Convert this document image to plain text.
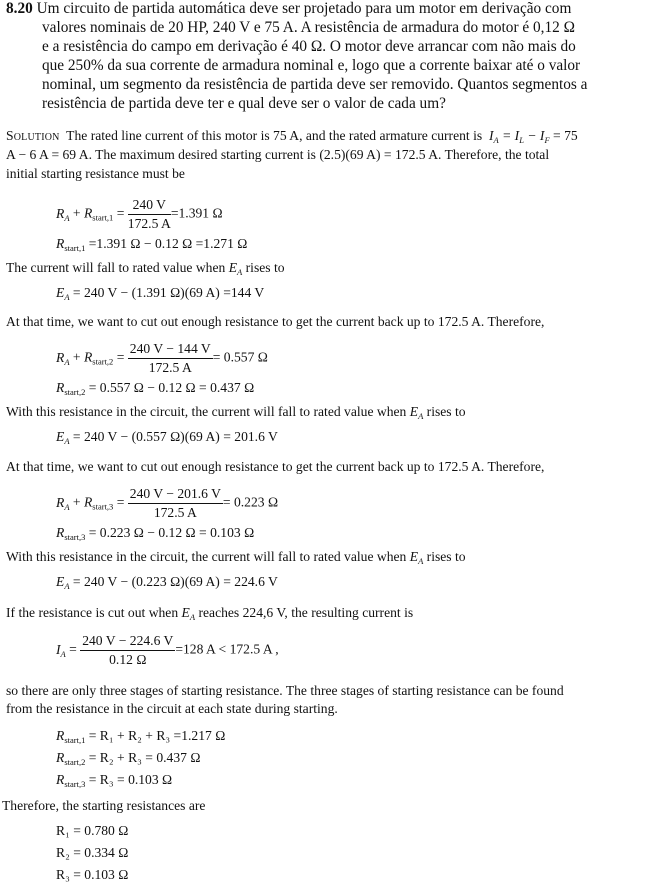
8.20 Um circuito de partida automática deve ser projetado para um motor em derivação com
valores nominais de 20 HP, 240 V e 75 A. A resistência de armadura do motor é 0,12 Ω
e a resistência do campo em derivação é 40 Ω. O motor deve arrancar com não mais do
que 250% da sua corrente de armadura nominal e, logo que a corrente baixar até o valor
nominal, um segmento da resistência de partida deve ser removido. Quantos segmentos a
resistência de partida deve ter e qual deve ser o valor de cada um?
Solution The rated line current of this motor is 75 A, and the rated armature current is  $I_A = I_L - I_F = 75$
A − 6 A = 69 A. The maximum desired starting current is (2.5)(69 A) = 172.5 A. Therefore, the total
initial starting resistance must be
$R_A + R_{start,1} = \frac{240 V}{172.5 A} =1.391$ Ω
$R_{start,1} =1.391$ Ω − 0.12 Ω =1.271 Ω
The current will fall to rated value when $E_A$ rises to
$E_A = 240$ V − (1.391 Ω)(69 A) =144 V
At that time, we want to cut out enough resistance to get the current back up to 172.5 A. Therefore,
$R_A + R_{start,2} = \frac{240 V - 144 V}{172.5 A} = 0.557$ Ω
$R_{start,2} = 0.557$ Ω − 0.12 Ω = 0.437 Ω
With this resistance in the circuit, the current will fall to rated value when $E_A$ rises to
$E_A = 240$ V − (0.557 Ω)(69 A) = 201.6 V
At that time, we want to cut out enough resistance to get the current back up to 172.5 A. Therefore,
$R_A + R_{start,3} = \frac{240 V - 201.6 V}{172.5 A} = 0.223$ Ω
$R_{start,3} = 0.223$ Ω − 0.12 Ω = 0.103 Ω
With this resistance in the circuit, the current will fall to rated value when $E_A$ rises to
$E_A = 240$ V − (0.223 Ω)(69 A) = 224.6 V
If the resistance is cut out when $E_A$ reaches 224,6 V, the resulting current is
$I_A = \frac{240 V - 224.6 V}{0.12 \Omega} =128$ A < 172.5 A ,
so there are only three stages of starting resistance. The three stages of starting resistance can be found
from the resistance in the circuit at each state during starting.
$R_{start,1} = R_1 + R_2 + R_3 =1.217$ Ω
$R_{start,2} = R_2 + R_3 = 0.437$ Ω
$R_{start,3} = R_3 = 0.103$ Ω
Therefore, the starting resistances are
R₁ = 0.780 Ω
R₂ = 0.334 Ω
R₃ = 0.103 Ω
